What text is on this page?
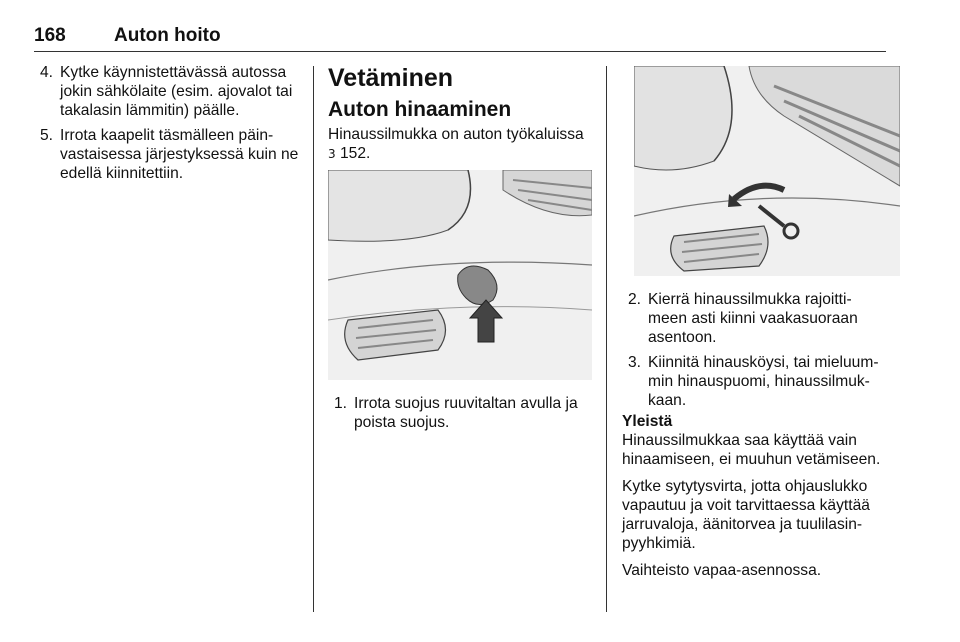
168	Auton hoito
4. Kytke käynnistettävässä autossa jokin sähkölaite (esim. ajovalot tai takalasin lämmitin) päälle.
5. Irrota kaapelit täsmälleen päin-vastaisessa järjestyksessä kuin ne edellä kiinnitettiin.
Vetäminen
Auton hinaaminen
Hinaussilmukka on auton työkaluissa
3 152.
1. Irrota suojus ruuvitaltan avulla ja poista suojus.
2. Kierrä hinaussilmukka rajoitti-meen asti kiinni vaakasuoraan asentoon.
3. Kiinnitä hinausköysi, tai mieluum-min hinauspuomi, hinaussilmuk-kaan.
Yleistä
Hinaussilmukkaa saa käyttää vain hinaamiseen, ei muuhun vetämiseen.
Kytke sytytysvirta, jotta ohjauslukko vapautuu ja voit tarvittaessa käyttää jarruvaloja, äänitorvea ja tuulilasin-pyyhkimiä.
Vaihteisto vapaa-asennossa.
